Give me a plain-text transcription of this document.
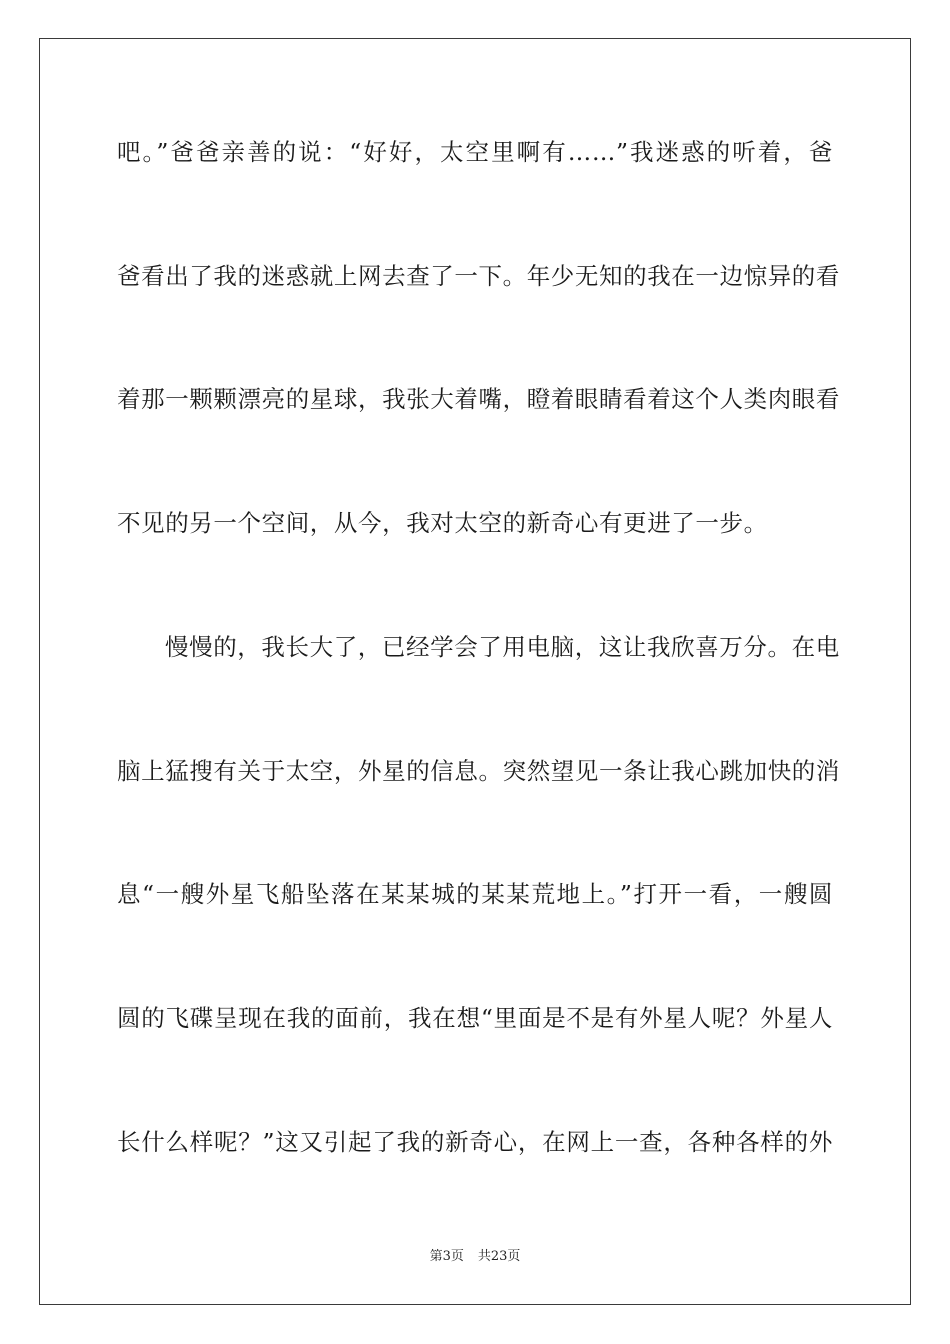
吧。”爸爸亲善的说：“好好，太空里啊有……”我迷惑的听着，爸
爸看出了我的迷惑就上网去查了一下。年少无知的我在一边惊异的看
着那一颗颗漂亮的星球，我张大着嘴，瞪着眼睛看着这个人类肉眼看
不见的另一个空间，从今，我对太空的新奇心有更进了一步。
慢慢的，我长大了，已经学会了用电脑，这让我欣喜万分。在电
脑上猛搜有关于太空，外星的信息。突然望见一条让我心跳加快的消
息“一艘外星飞船坠落在某某城的某某荒地上。”打开一看，一艘圆
圆的飞碟呈现在我的面前，我在想“里面是不是有外星人呢？外星人
长什么样呢？”这又引起了我的新奇心，在网上一查，各种各样的外
第3页 共23页
